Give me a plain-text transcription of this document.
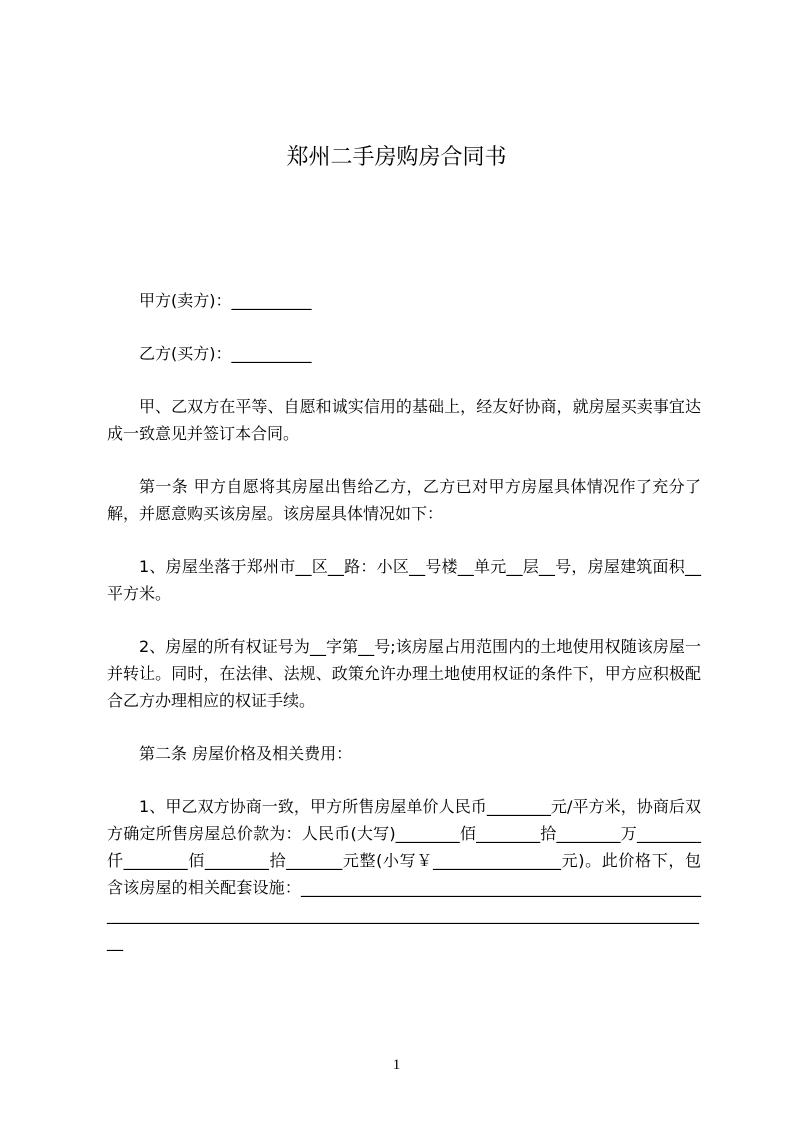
郑州二手房购房合同书

甲方(卖方)：__________

乙方(买方)：__________

甲、乙双方在平等、自愿和诚实信用的基础上，经友好协商，就房屋买卖事宜达成一致意见并签订本合同。

第一条 甲方自愿将其房屋出售给乙方，乙方已对甲方房屋具体情况作了充分了解，并愿意购买该房屋。该房屋具体情况如下：

1、房屋坐落于郑州市__区__路：小区__号楼__单元__层__号，房屋建筑面积__平方米。

2、房屋的所有权证号为__字第__号;该房屋占用范围内的土地使用权随该房屋一并转让。同时，在法律、法规、政策允许办理土地使用权证的条件下，甲方应积极配合乙方办理相应的权证手续。

第二条 房屋价格及相关费用：

1、甲乙双方协商一致，甲方所售房屋单价人民币________元/平方米，协商后双方确定所售房屋总价款为：人民币(大写)________佰________拾________万________仟________佰________拾_______元整(小写￥________________元)。此价格下，包含该房屋的相关配套设施：______________________________________________________________________________________________________________________________

1
